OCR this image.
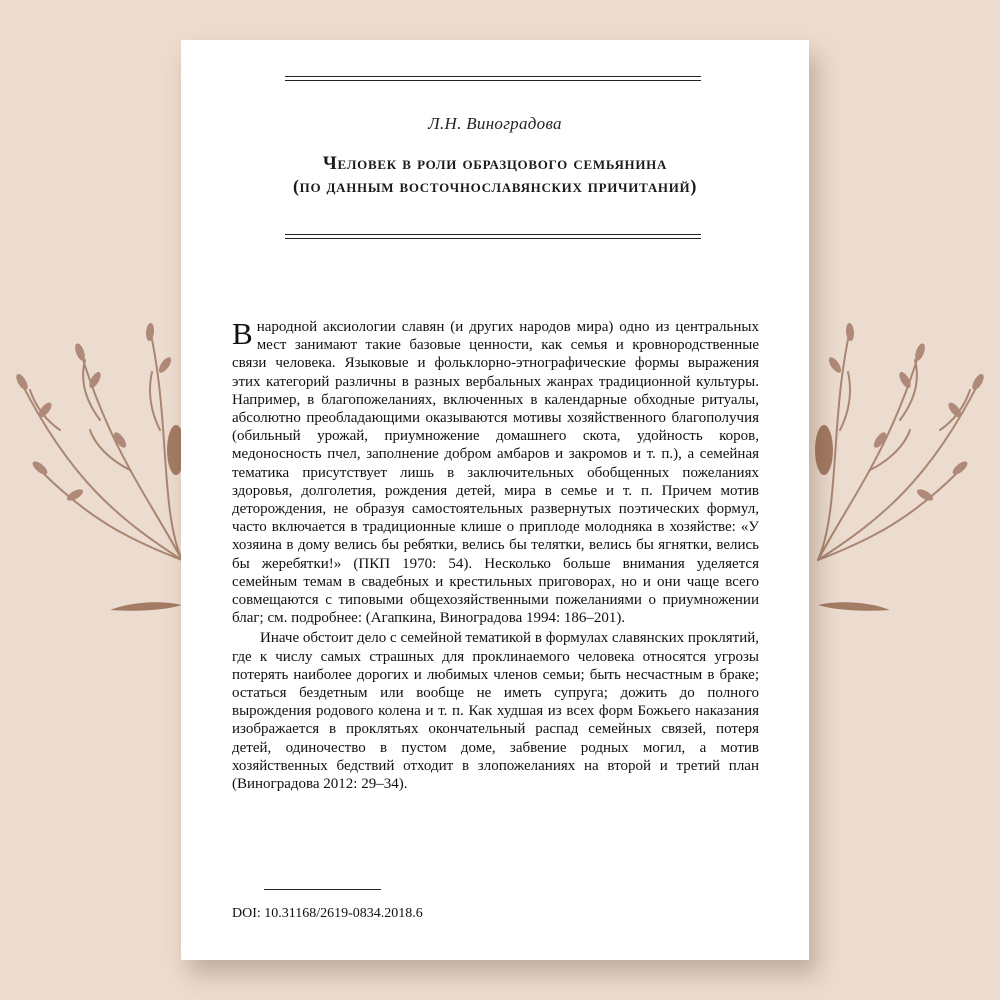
Л.Н. Виноградова
Человек в роли образцового семьянина
(по данным восточнославянских причитаний)

В народной аксиологии славян (и других народов мира) одно из центральных мест занимают такие базовые ценности, как семья и кровнородственные связи человека. Языковые и фольклорно-этнографические формы выражения этих категорий различны в разных вербальных жанрах традиционной культуры. Например, в благопожеланиях, включенных в календарные обходные ритуалы, абсолютно преобладающими оказываются мотивы хозяйственного благополучия (обильный урожай, приумножение домашнего скота, удойность коров, медоносность пчел, заполнение добром амбаров и закромов и т. п.), а семейная тематика присутствует лишь в заключительных обобщенных пожеланиях здоровья, долголетия, рождения детей, мира в семье и т. п. Причем мотив деторождения, не образуя самостоятельных развернутых поэтических формул, часто включается в традиционные клише о приплоде молодняка в хозяйстве: «У хозяина в дому велись бы ребятки, велись бы телятки, велись бы ягнятки, велись бы жеребятки!» (ПКП 1970: 54). Несколько больше внимания уделяется семейным темам в свадебных и крестильных приговорах, но и они чаще всего совмещаются с типовыми общехозяйственными пожеланиями о приумножении благ; см. подробнее: (Агапкина, Виноградова 1994: 186–201).

Иначе обстоит дело с семейной тематикой в формулах славянских проклятий, где к числу самых страшных для проклинаемого человека относятся угрозы потерять наиболее дорогих и любимых членов семьи; быть несчастным в браке; остаться бездетным или вообще не иметь супруга; дожить до полного вырождения родового колена и т. п. Как худшая из всех форм Божьего наказания изображается в проклятьях окончательный распад семейных связей, потеря детей, одиночество в пустом доме, забвение родных могил, а мотив хозяйственных бедствий отходит в злопожеланиях на второй и третий план (Виноградова 2012: 29–34).

DOI: 10.31168/2619-0834.2018.6
